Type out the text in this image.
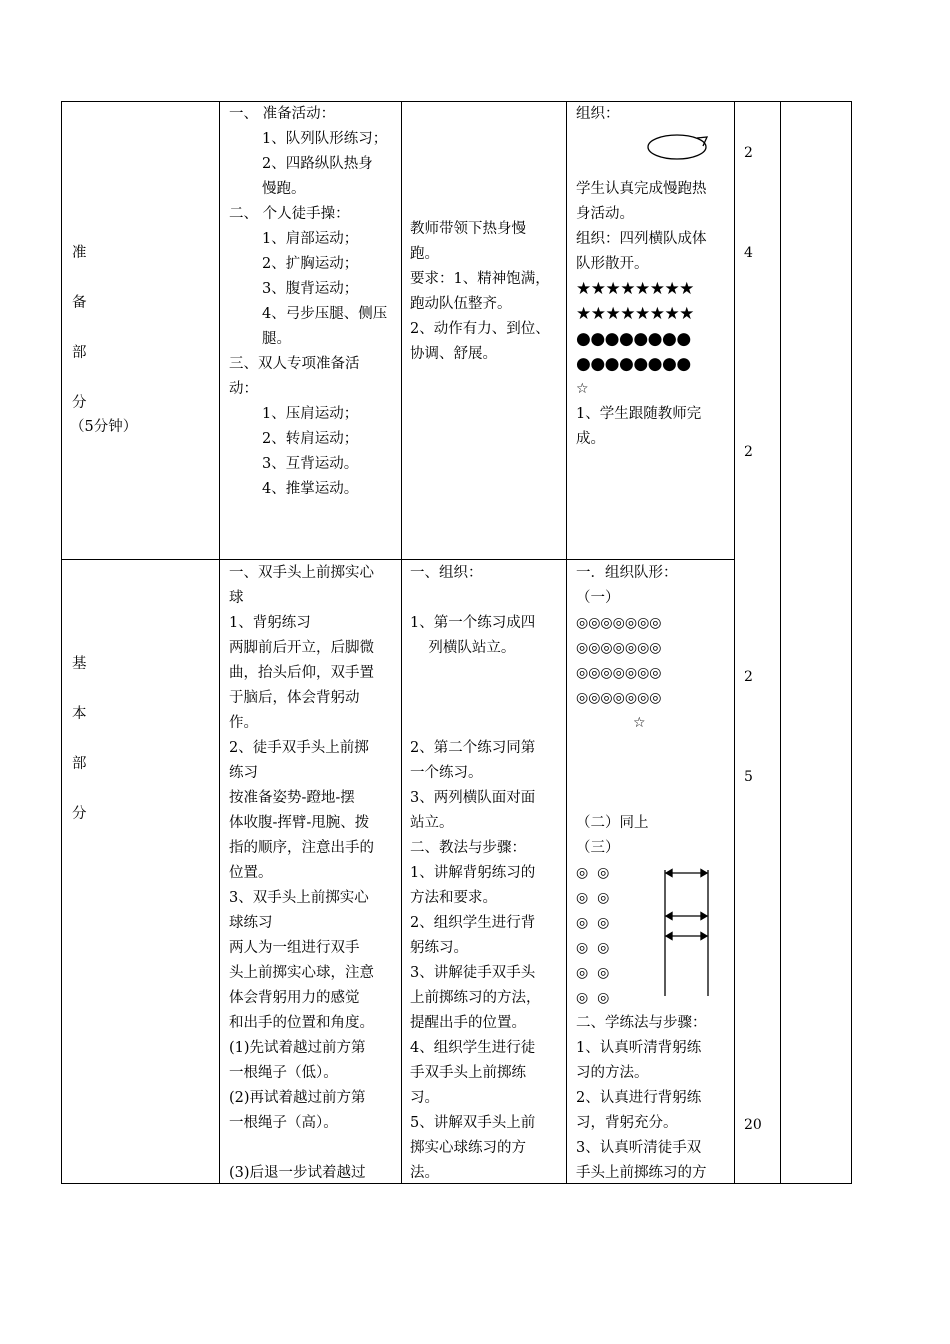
准
备
部
分
（5分钟）
一、 准备活动：
1、队列队形练习；
2、四路纵队热身
慢跑。
二、 个人徒手操：
1、肩部运动；
2、扩胸运动；
3、腹背运动；
4、弓步压腿、侧压
腿。
三、双人专项准备活
动：
1、压肩运动；
2、转肩运动；
3、互背运动。
4、推掌运动。
教师带领下热身慢
跑。
要求：1、精神饱满，
跑动队伍整齐。
2、动作有力、到位、
协调、舒展。
组织：
学生认真完成慢跑热
身活动。
组织：四列横队成体
队形散开。
★★★★★★★★
★★★★★★★★
●●●●●●●●
●●●●●●●●
☆
1、学生跟随教师完
成。
2
4
2
基
本
部
分
一、双手头上前掷实心
球
1、背躬练习
两脚前后开立，后脚微
曲，抬头后仰，双手置
于脑后，体会背躬动
作。
2、徒手双手头上前掷
练习
按准备姿势-蹬地-摆
体收腹-挥臂-甩腕、拨
指的顺序，注意出手的
位置。
3、双手头上前掷实心
球练习
两人为一组进行双手
头上前掷实心球，注意
体会背躬用力的感觉
和出手的位置和角度。
(1)先试着越过前方第
一根绳子（低）。
(2)再试着越过前方第
一根绳子（高）。

(3)后退一步试着越过
一、组织：

1、第一个练习成四
列横队站立。
2、第二个练习同第
一个练习。
3、两列横队面对面
站立。
二、教法与步骤：
1、讲解背躬练习的
方法和要求。
2、组织学生进行背
躬练习。
3、讲解徒手双手头
上前掷练习的方法，
提醒出手的位置。
4、组织学生进行徒
手双手头上前掷练
习。
5、讲解双手头上前
掷实心球练习的方
法。
一．组织队形：
（一）
◎◎◎◎◎◎◎
◎◎◎◎◎◎◎
◎◎◎◎◎◎◎
◎◎◎◎◎◎◎
☆
（二）同上
（三）
◎  ◎
◎  ◎
◎  ◎
◎  ◎
◎  ◎
◎  ◎
二、学练法与步骤：
1、认真听清背躬练
习的方法。
2、认真进行背躬练
习，背躬充分。
3、认真听清徒手双
手头上前掷练习的方
2
5
20
